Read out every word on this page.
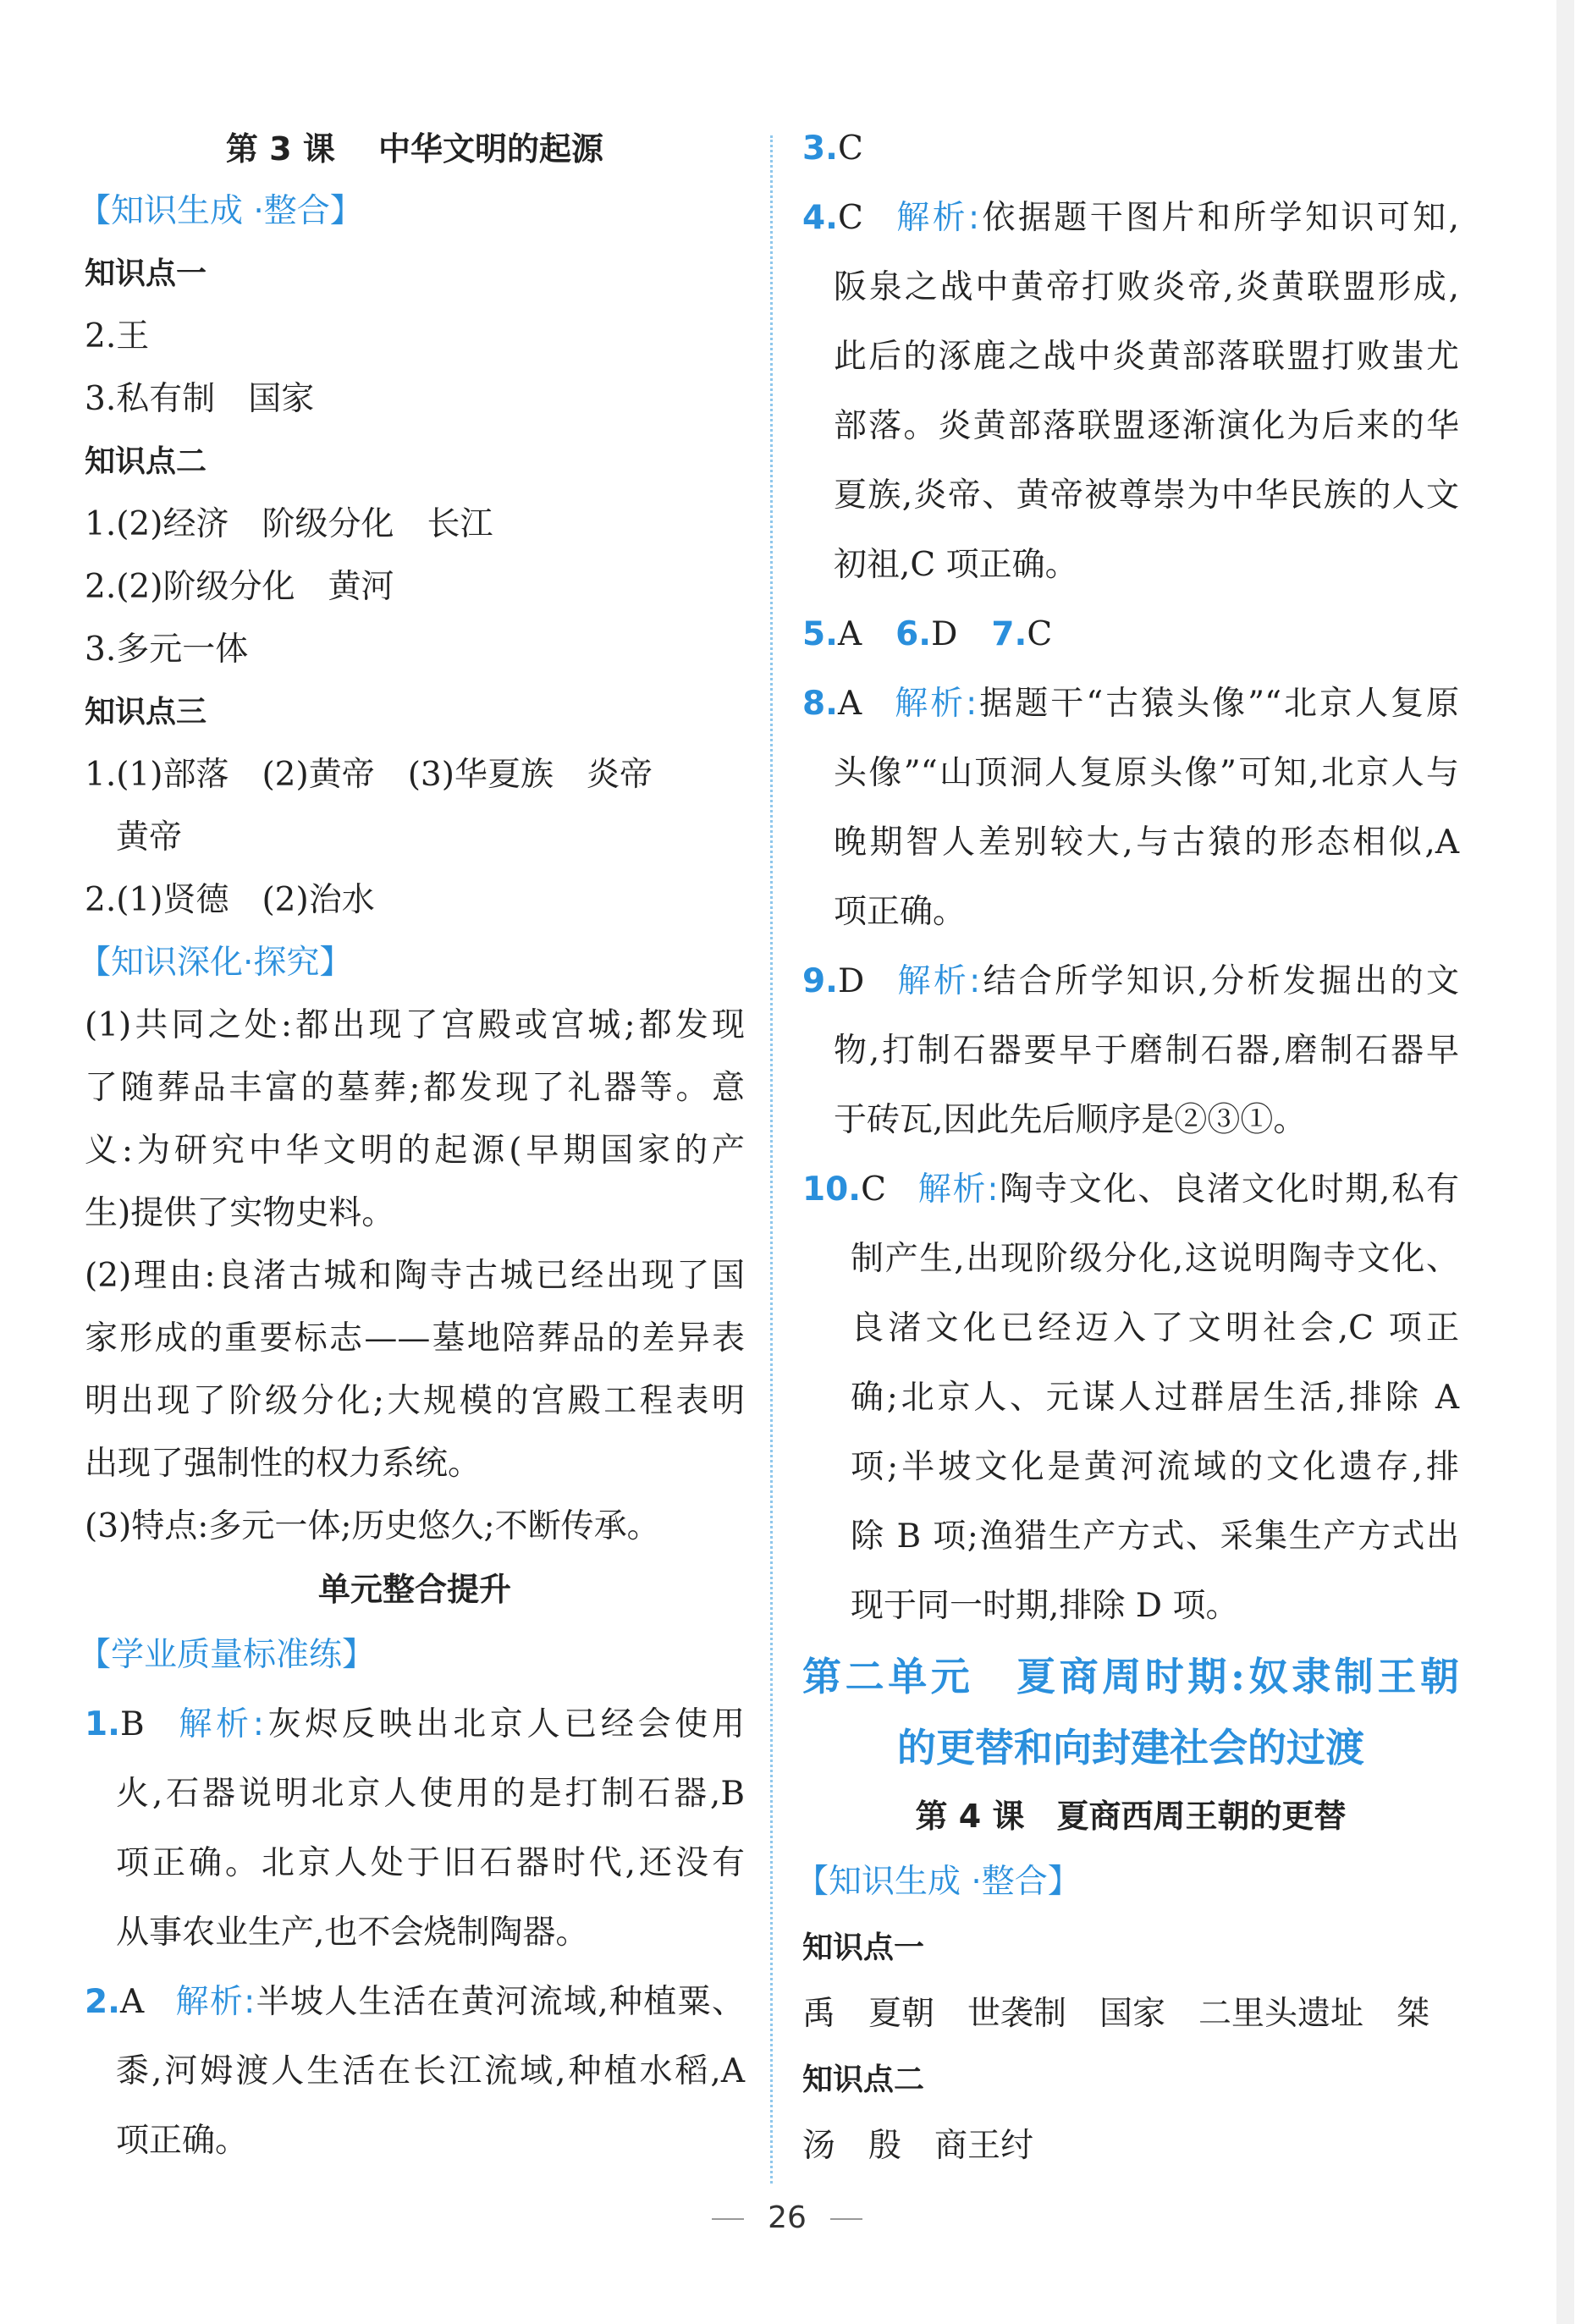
第 3 课　 中华文明的起源
【知识生成 ·整合】
知识点一
2.王
3.私有制　国家
知识点二
1.(2)经济　阶级分化　长江
2.(2)阶级分化　黄河
3.多元一体
知识点三
1.(1)部落　(2)黄帝　(3)华夏族　炎帝
黄帝
2.(1)贤德　(2)治水
【知识深化·探究】
(1)共同之处:都出现了宫殿或宫城;都发现
了随葬品丰富的墓葬;都发现了礼器等。意
义:为研究中华文明的起源(早期国家的产
生)提供了实物史料。
(2)理由:良渚古城和陶寺古城已经出现了国
家形成的重要标志——墓地陪葬品的差异表
明出现了阶级分化;大规模的宫殿工程表明
出现了强制性的权力系统。
(3)特点:多元一体;历史悠久;不断传承。
单元整合提升
【学业质量标准练】
1.B 解析:灰烬反映出北京人已经会使用
火,石器说明北京人使用的是打制石器,B
项正确。北京人处于旧石器时代,还没有
从事农业生产,也不会烧制陶器。
2.A 解析:半坡人生活在黄河流域,种植粟、
黍,河姆渡人生活在长江流域,种植水稻,A
项正确。
3.C
4.C 解析:依据题干图片和所学知识可知,
阪泉之战中黄帝打败炎帝,炎黄联盟形成,
此后的涿鹿之战中炎黄部落联盟打败蚩尤
部落。炎黄部落联盟逐渐演化为后来的华
夏族,炎帝、黄帝被尊崇为中华民族的人文
初祖,C 项正确。
5.A 6.D 7.C
8.A 解析:据题干“古猿头像”“北京人复原
头像”“山顶洞人复原头像”可知,北京人与
晚期智人差别较大,与古猿的形态相似,A
项正确。
9.D 解析:结合所学知识,分析发掘出的文
物,打制石器要早于磨制石器,磨制石器早
于砖瓦,因此先后顺序是②③①。
10.C 解析:陶寺文化、良渚文化时期,私有
制产生,出现阶级分化,这说明陶寺文化、
良渚文化已经迈入了文明社会,C 项正
确;北京人、元谋人过群居生活,排除 A
项;半坡文化是黄河流域的文化遗存,排
除 B 项;渔猎生产方式、采集生产方式出
现于同一时期,排除 D 项。
第二单元　夏商周时期:奴隶制王朝
的更替和向封建社会的过渡
第 4 课　夏商西周王朝的更替
【知识生成 ·整合】
知识点一
禹　夏朝　世袭制　国家　二里头遗址　桀
知识点二
汤　殷　商王纣
26
